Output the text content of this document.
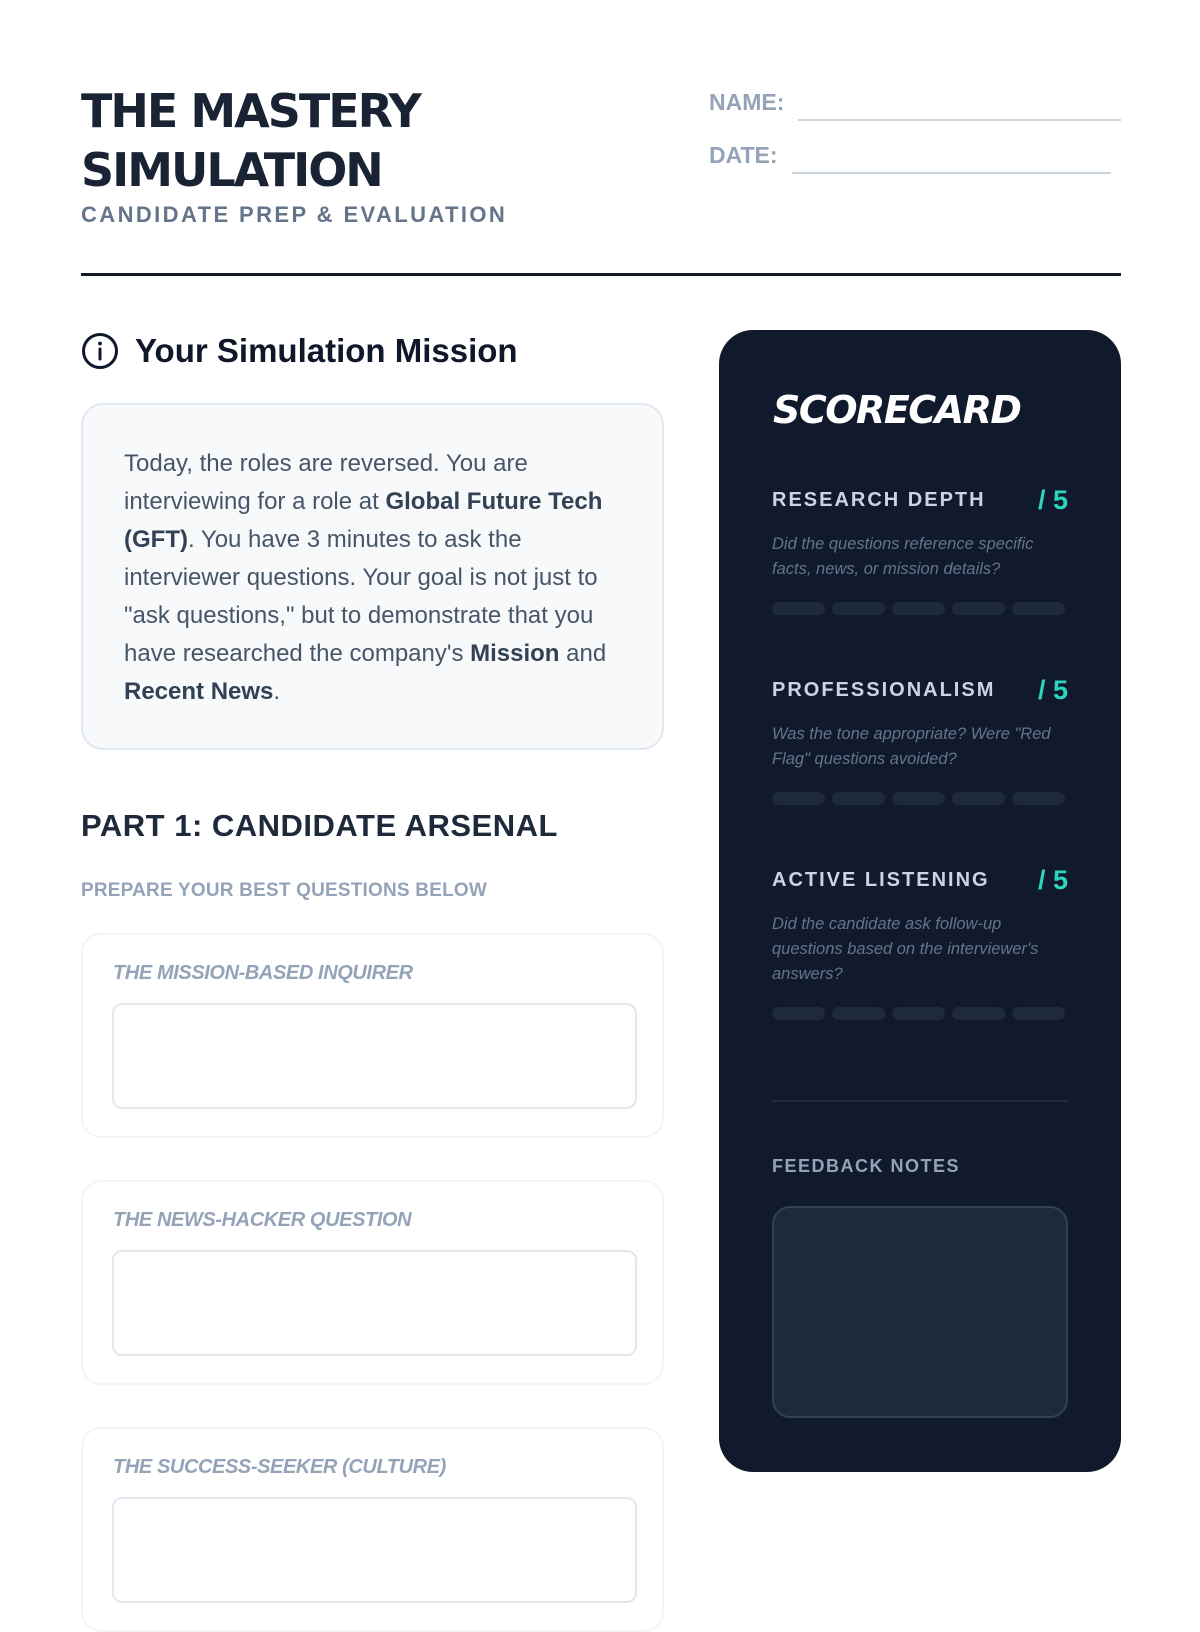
THE MASTERY SIMULATION
CANDIDATE PREP & EVALUATION
NAME:
DATE:
Your Simulation Mission
Today, the roles are reversed. You are interviewing for a role at Global Future Tech (GFT). You have 3 minutes to ask the interviewer questions. Your goal is not just to "ask questions," but to demonstrate that you have researched the company's Mission and Recent News.
PART 1: CANDIDATE ARSENAL
PREPARE YOUR BEST QUESTIONS BELOW
THE MISSION-BASED INQUIRER
THE NEWS-HACKER QUESTION
THE SUCCESS-SEEKER (CULTURE)
SCORECARD
RESEARCH DEPTH / 5
Did the questions reference specific facts, news, or mission details?
PROFESSIONALISM / 5
Was the tone appropriate? Were "Red Flag" questions avoided?
ACTIVE LISTENING / 5
Did the candidate ask follow-up questions based on the interviewer's answers?
FEEDBACK NOTES
